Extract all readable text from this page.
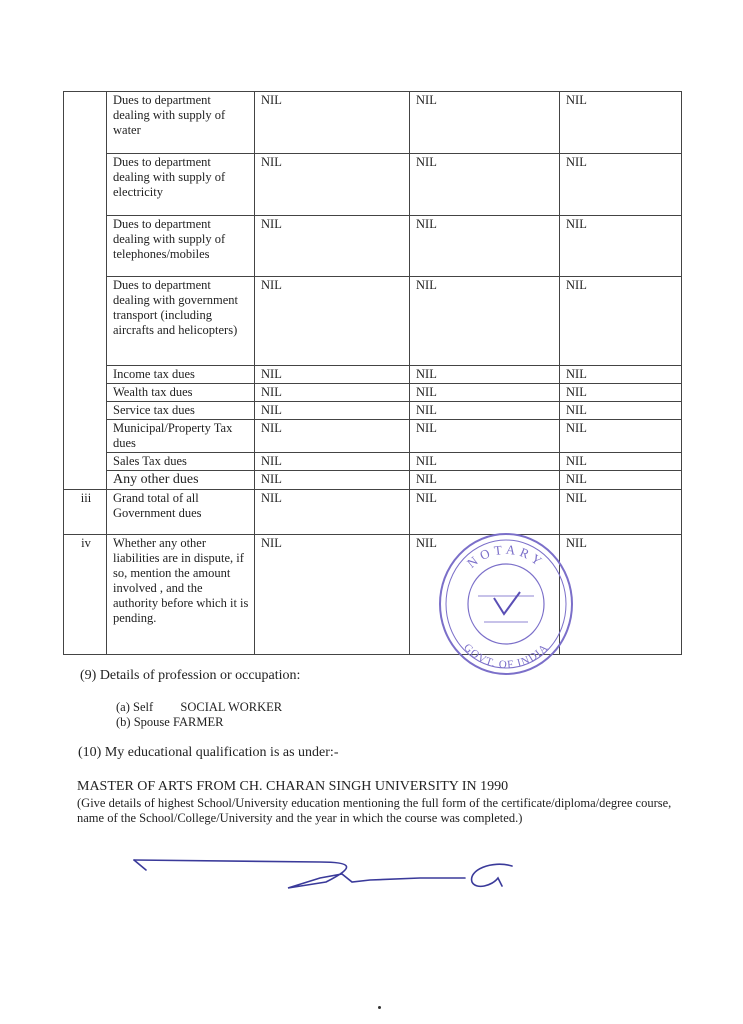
	Dues to department dealing with supply of water	NIL	NIL	NIL
	Dues to department dealing with supply of electricity	NIL	NIL	NIL
	Dues to department dealing with supply of telephones/mobiles	NIL	NIL	NIL
	Dues to department dealing with government transport (including aircrafts and helicopters)	NIL	NIL	NIL
	Income tax dues	NIL	NIL	NIL
	Wealth tax dues	NIL	NIL	NIL
	Service tax dues	NIL	NIL	NIL
	Municipal/Property Tax dues	NIL	NIL	NIL
	Sales Tax dues	NIL	NIL	NIL
	Any other dues	NIL	NIL	NIL
iii	Grand total of all Government dues	NIL	NIL	NIL
iv	Whether any other liabilities are in dispute, if so, mention the amount involved , and the authority before which it is pending.	NIL	NIL	NIL
NOTARY
GOVT. OF INDIA
(9) Details of profession or occupation:
(a) Self SOCIAL WORKER
(b) Spouse FARMER
(10) My educational qualification is as under:-
MASTER OF ARTS FROM CH. CHARAN SINGH UNIVERSITY IN 1990
(Give details of highest School/University education mentioning the full form of the certificate/diploma/degree course, name of the School/College/University and the year in which the course was completed.)
